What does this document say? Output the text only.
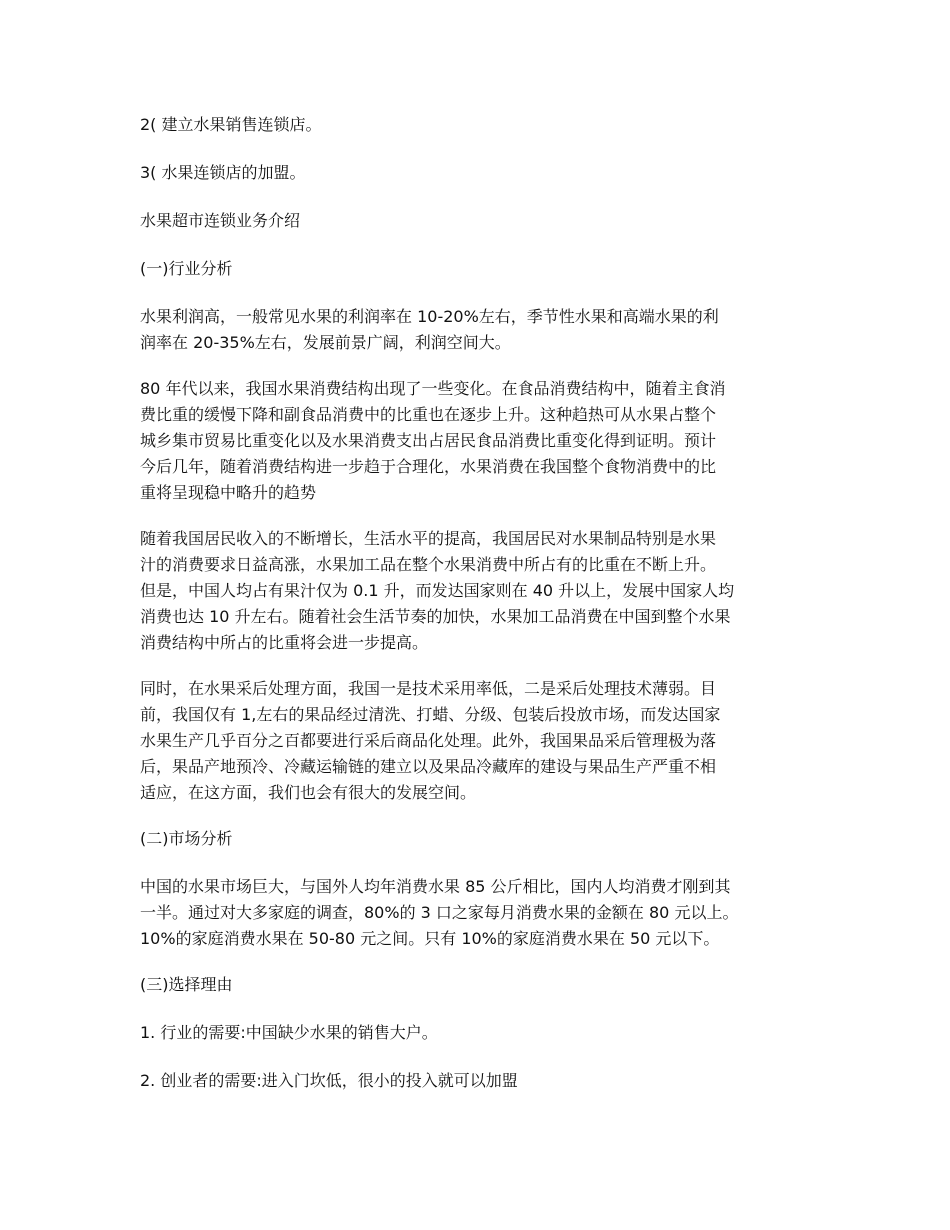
2( 建立水果销售连锁店。

3( 水果连锁店的加盟。

水果超市连锁业务介绍

(一)行业分析

水果利润高，一般常见水果的利润率在 10-20%左右，季节性水果和高端水果的利

润率在 20-35%左右，发展前景广阔，利润空间大。

80 年代以来，我国水果消费结构出现了一些变化。在食品消费结构中，随着主食消

费比重的缓慢下降和副食品消费中的比重也在逐步上升。这种趋热可从水果占整个

城乡集市贸易比重变化以及水果消费支出占居民食品消费比重变化得到证明。预计

今后几年，随着消费结构进一步趋于合理化，水果消费在我国整个食物消费中的比

重将呈现稳中略升的趋势

随着我国居民收入的不断增长，生活水平的提高，我国居民对水果制品特别是水果

汁的消费要求日益高涨，水果加工品在整个水果消费中所占有的比重在不断上升。

但是，中国人均占有果汁仅为 0.1 升，而发达国家则在 40 升以上，发展中国家人均

消费也达 10 升左右。随着社会生活节奏的加快，水果加工品消费在中国到整个水果

消费结构中所占的比重将会进一步提高。

同时，在水果采后处理方面，我国一是技术采用率低，二是采后处理技术薄弱。目

前，我国仅有 1,左右的果品经过清洗、打蜡、分级、包装后投放市场，而发达国家

水果生产几乎百分之百都要进行采后商品化处理。此外，我国果品采后管理极为落

后，果品产地预冷、冷藏运输链的建立以及果品冷藏库的建设与果品生产严重不相

适应，在这方面，我们也会有很大的发展空间。

(二)市场分析

中国的水果市场巨大，与国外人均年消费水果 85 公斤相比，国内人均消费才刚到其

一半。通过对大多家庭的调查，80%的 3 口之家每月消费水果的金额在 80 元以上。

10%的家庭消费水果在 50-80 元之间。只有 10%的家庭消费水果在 50 元以下。

(三)选择理由

1. 行业的需要:中国缺少水果的销售大户。

2. 创业者的需要:进入门坎低，很小的投入就可以加盟
